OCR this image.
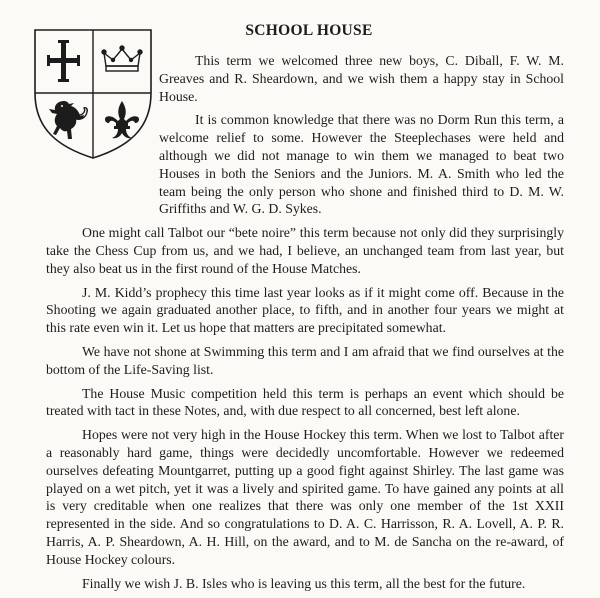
SCHOOL HOUSE

This term we welcomed three new boys, C. Diball, F. W. M. Greaves and R. Sheardown, and we wish them a happy stay in School House.

It is common knowledge that there was no Dorm Run this term, a welcome relief to some. However the Steeplechases were held and although we did not manage to win them we managed to beat two Houses in both the Seniors and the Juniors. M. A. Smith who led the team being the only person who shone and finished third to D. M. W. Griffiths and W. G. D. Sykes.

One might call Talbot our “bete noire” this term because not only did they surprisingly take the Chess Cup from us, and we had, I believe, an unchanged team from last year, but they also beat us in the first round of the House Matches.

J. M. Kidd’s prophecy this time last year looks as if it might come off. Because in the Shooting we again graduated another place, to fifth, and in another four years we might at this rate even win it. Let us hope that matters are precipitated somewhat.

We have not shone at Swimming this term and I am afraid that we find ourselves at the bottom of the Life-Saving list.

The House Music competition held this term is perhaps an event which should be treated with tact in these Notes, and, with due respect to all concerned, best left alone.

Hopes were not very high in the House Hockey this term. When we lost to Talbot after a reasonably hard game, things were decidedly uncomfortable. However we redeemed ourselves defeating Mountgarret, putting up a good fight against Shirley. The last game was played on a wet pitch, yet it was a lively and spirited game. To have gained any points at all is very creditable when one realizes that there was only one member of the 1st XXII represented in the side. And so congratulations to D. A. C. Harrisson, R. A. Lovell, A. P. R. Harris, A. P. Sheardown, A. H. Hill, on the award, and to M. de Sancha on the re-award, of House Hockey colours.

Finally we wish J. B. Isles who is leaving us this term, all the best for the future.
